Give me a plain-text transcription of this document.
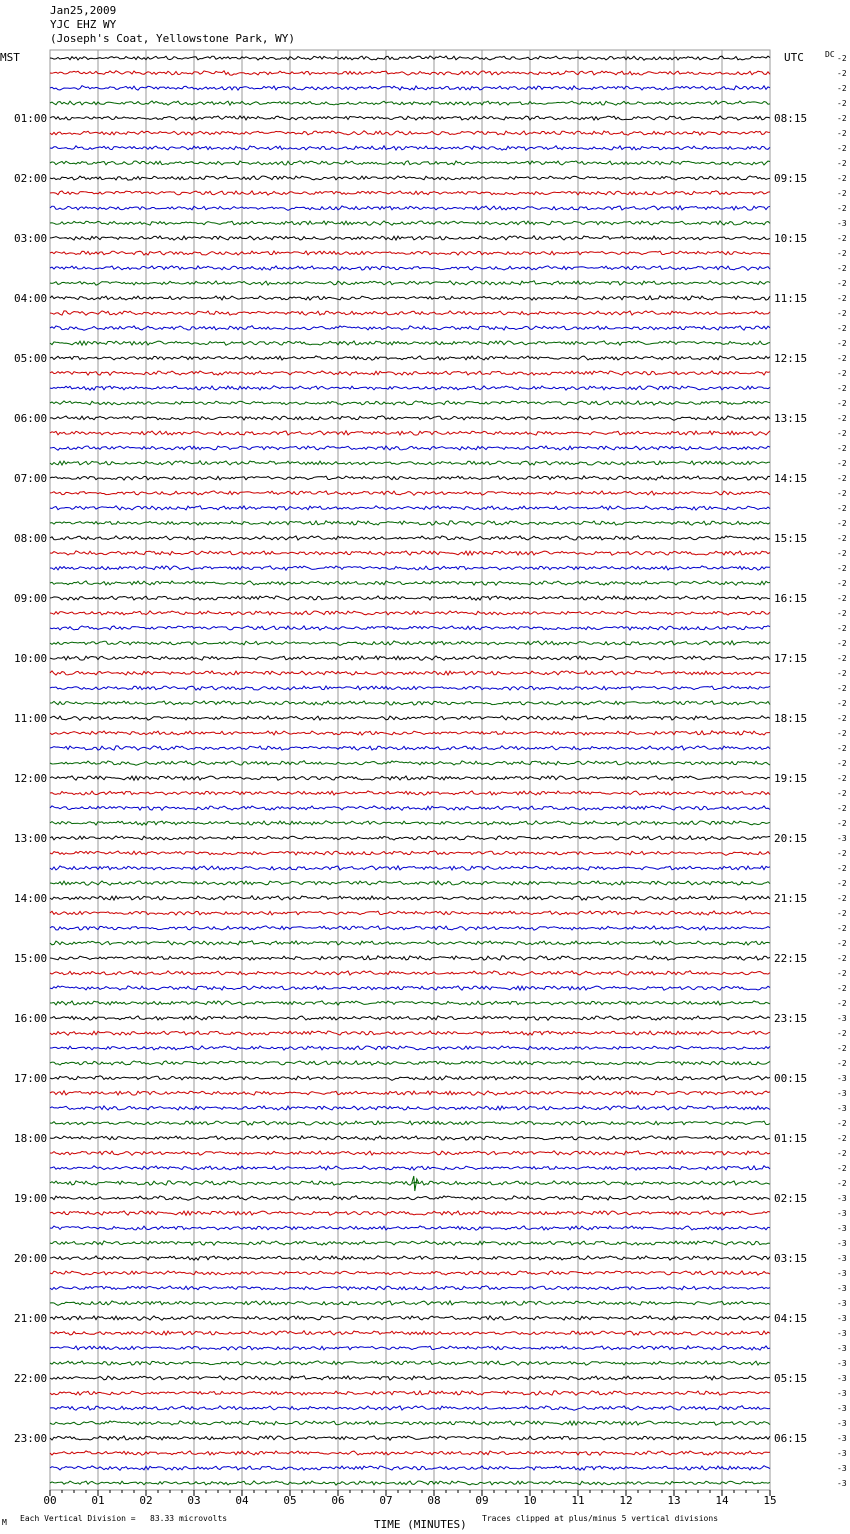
Jan25,2009
YJC EHZ WY
(Joseph's Coat, Yellowstone Park, WY)
01:00
02:00
03:00
04:00
05:00
06:00
07:00
08:00
09:00
10:00
11:00
12:00
13:00
14:00
15:00
16:00
17:00
18:00
19:00
20:00
21:00
22:00
23:00
08:15
09:15
10:15
11:15
12:15
13:15
14:15
15:15
16:15
17:15
18:15
19:15
20:15
21:15
22:15
23:15
00:15
01:15
02:15
03:15
04:15
05:15
06:15
-2
-2
-2
-2
-2
-2
-2
-2
-2
-2
-2
-3
-2
-2
-2
-2
-2
-2
-2
-2
-2
-2
-2
-2
-2
-2
-2
-2
-2
-2
-2
-2
-2
-2
-2
-2
-2
-2
-2
-2
-2
-2
-2
-2
-2
-2
-2
-2
-2
-2
-2
-2
-3
-2
-2
-2
-2
-2
-2
-2
-2
-2
-2
-2
-3
-2
-2
-2
-3
-3
-3
-2
-2
-2
-2
-2
-3
-3
-3
-3
-3
-3
-3
-3
-3
-3
-3
-3
-3
-3
-3
-3
-3
-3
-3
-3
00	01	02	03	04	05	06	07	08	09	10	11	12	13	14	15
MST	UTC	DC
M Each Vertical Division =   83.33 microvolts	TIME (MINUTES) Traces clipped at plus/minus 5 vertical divisions
